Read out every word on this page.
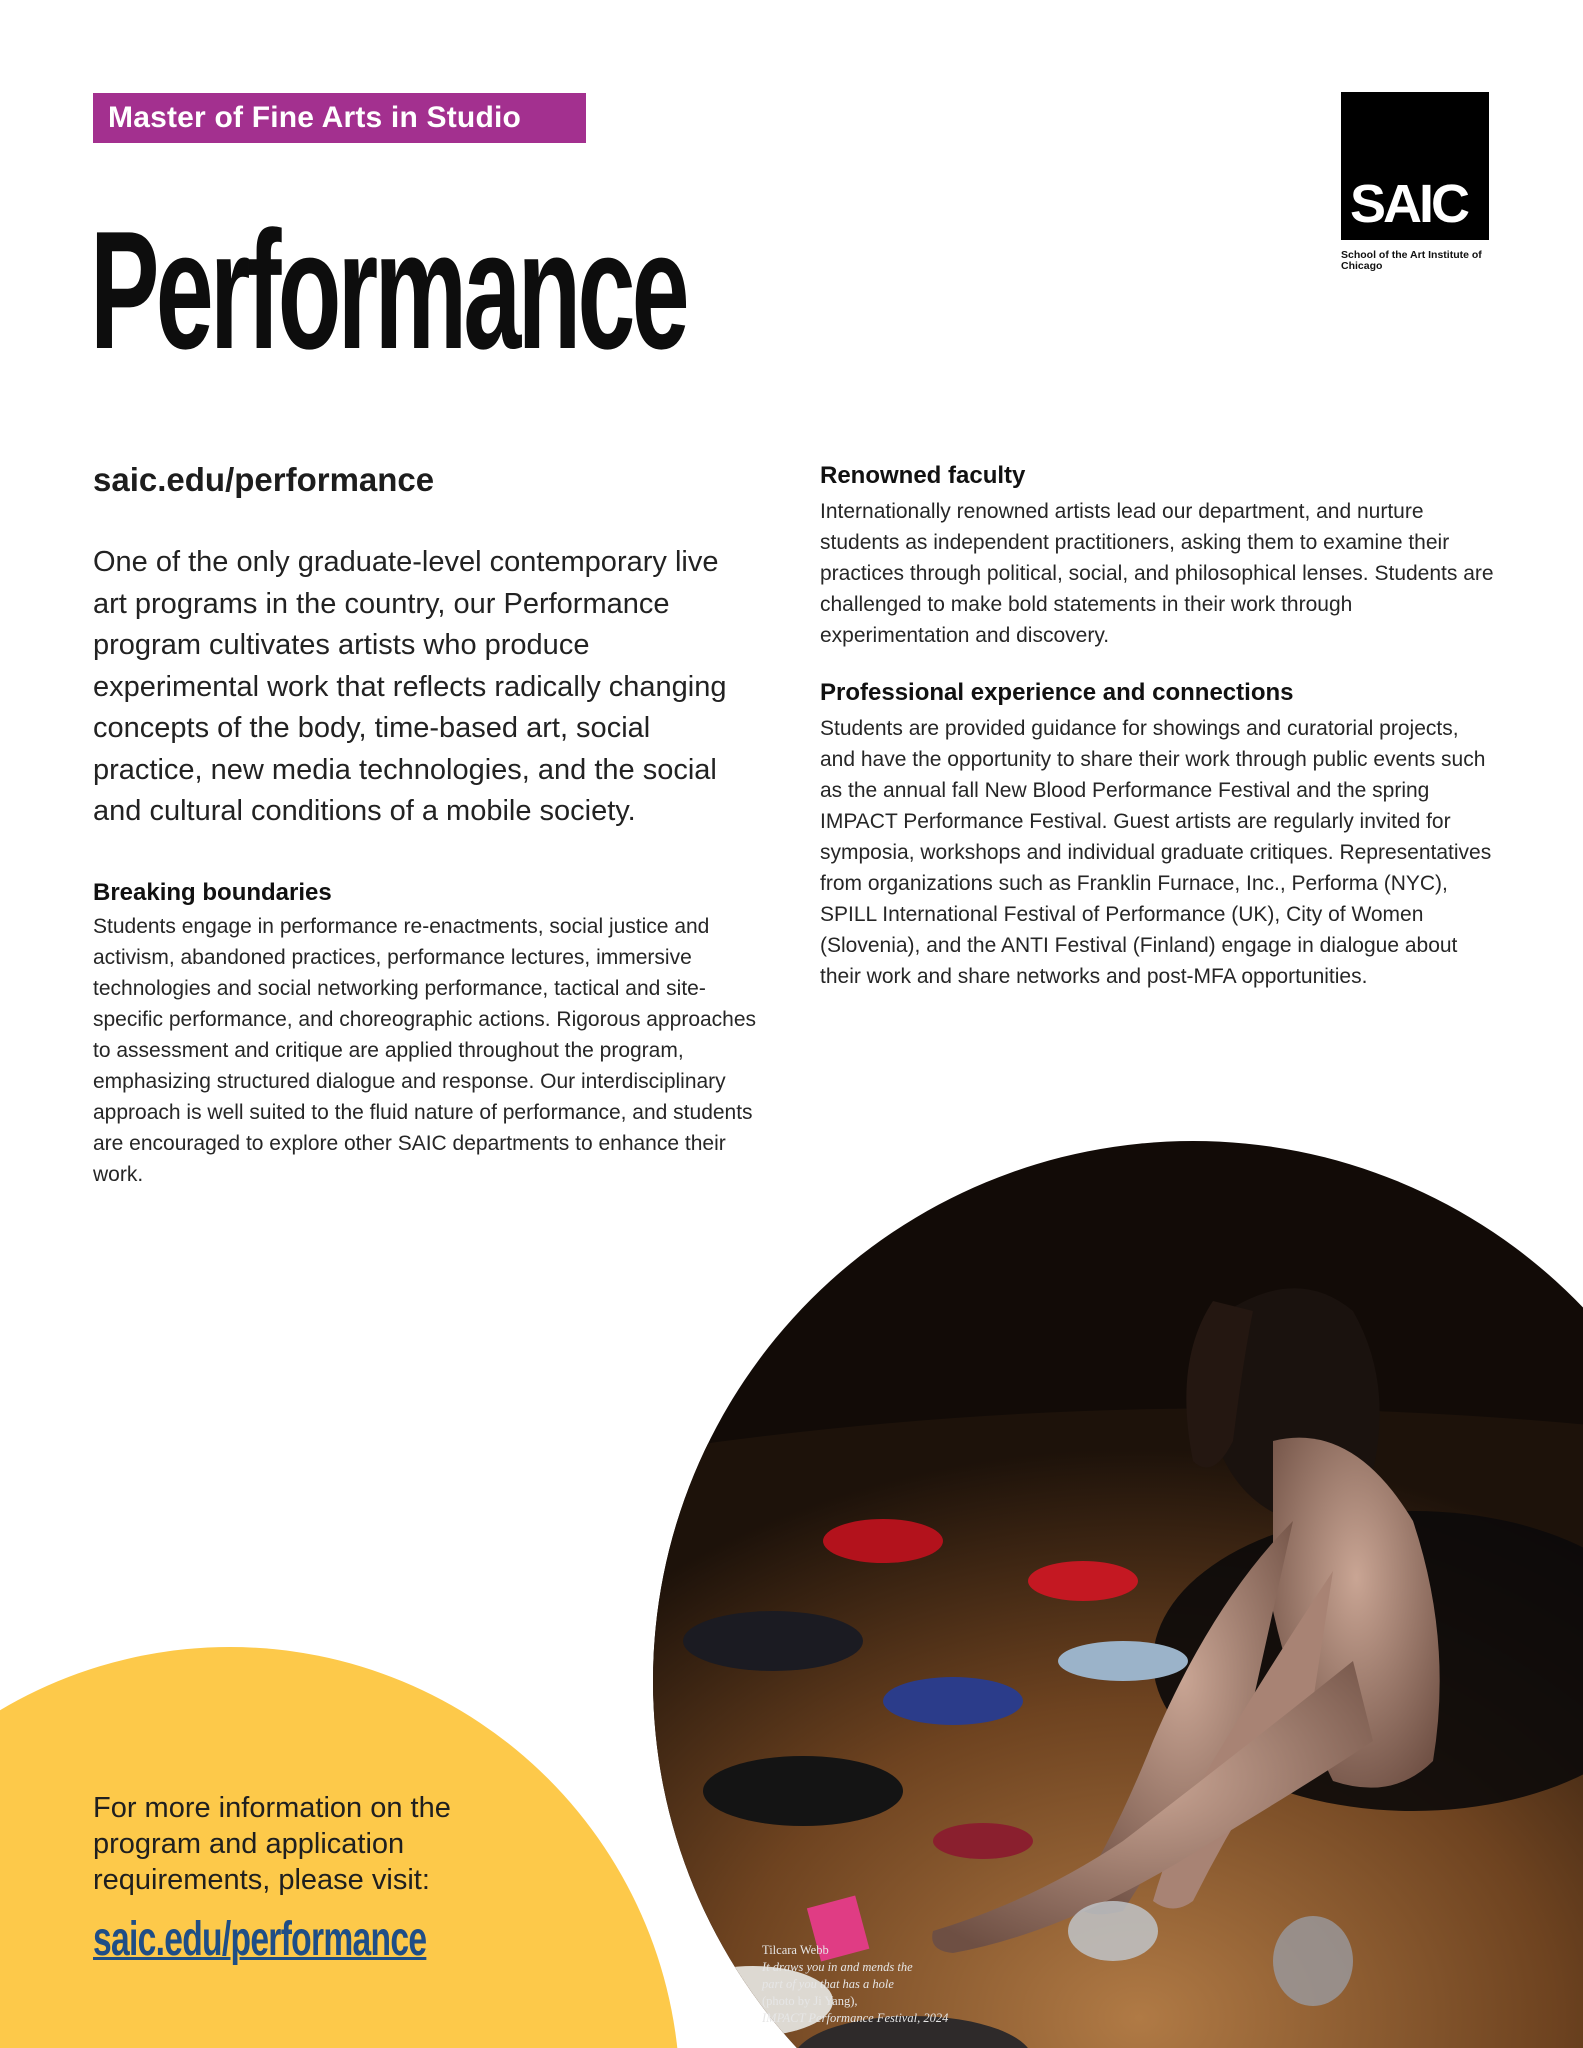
Master of Fine Arts in Studio
Performance	SAIC
School of the Art Institute of Chicago
saic.edu/performance

One of the only graduate-level contemporary live art programs in the country, our Performance program cultivates artists who produce experimental work that reflects radically changing concepts of the body, time-based art, social practice, new media technologies, and the social and cultural conditions of a mobile society.

Breaking boundaries

Students engage in performance re-enactments, social justice and activism, abandoned practices, performance lectures, immersive technologies and social networking performance, tactical and site-specific performance, and choreographic actions. Rigorous approaches to assessment and critique are applied throughout the program, emphasizing structured dialogue and response. Our interdisciplinary approach is well suited to the fluid nature of performance, and students are encouraged to explore other SAIC departments to enhance their work.

Renowned faculty

Internationally renowned artists lead our department, and nurture students as independent practitioners, asking them to examine their practices through political, social, and philosophical lenses. Students are challenged to make bold statements in their work through experimentation and discovery.

Professional experience and connections

Students are provided guidance for showings and curatorial projects, and have the opportunity to share their work through public events such as the annual fall New Blood Performance Festival and the spring IMPACT Performance Festival. Guest artists are regularly invited for symposia, workshops and individual graduate critiques. Representatives from organizations such as Franklin Furnace, Inc., Performa (NYC), SPILL International Festival of Performance (UK), City of Women (Slovenia), and the ANTI Festival (Finland) engage in dialogue about their work and share networks and post-MFA opportunities.

For more information on the program and application requirements, please visit:
saic.edu/performance	Tilcara Webb
It draws you in and mends the
part of you that has a hole
(photo by Ji Yang),
IMPACT Performance Festival, 2024
